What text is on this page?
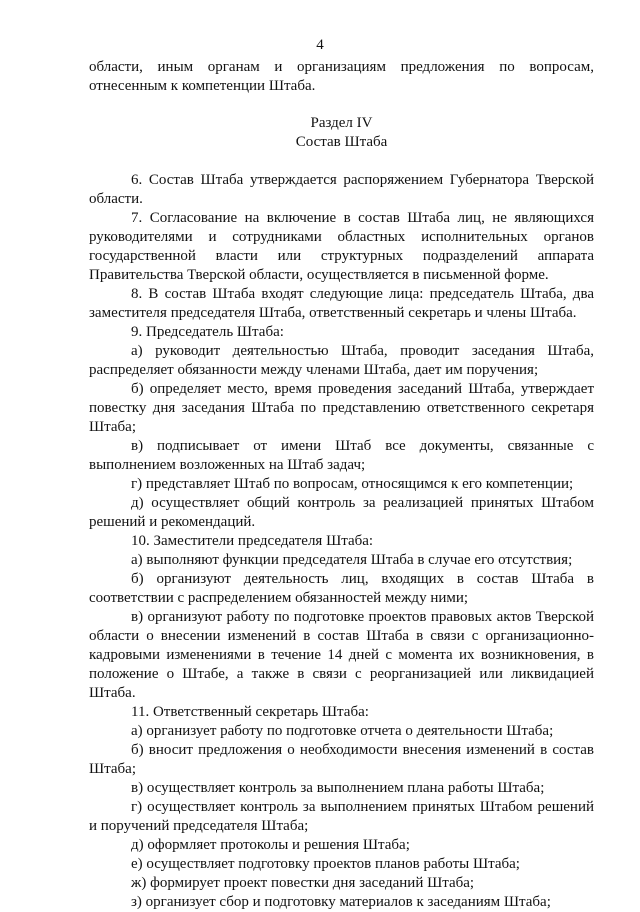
4

области, иным органам и организациям предложения по вопросам, отнесенным к компетенции Штаба.

Раздел IV
Состав Штаба

6. Состав Штаба утверждается распоряжением Губернатора Тверской области.

7. Согласование на включение в состав Штаба лиц, не являющихся руководителями и сотрудниками областных исполнительных органов государственной власти или структурных подразделений аппарата Правительства Тверской области, осуществляется в письменной форме.

8. В состав Штаба входят следующие лица: председатель Штаба, два заместителя председателя Штаба, ответственный секретарь и члены Штаба.

9. Председатель Штаба:

а) руководит деятельностью Штаба, проводит заседания Штаба, распределяет обязанности между членами Штаба, дает им поручения;

б) определяет место, время проведения заседаний Штаба, утверждает повестку дня заседания Штаба по представлению ответственного секретаря Штаба;

в) подписывает от имени Штаб все документы, связанные с выполнением возложенных на Штаб задач;

г) представляет Штаб по вопросам, относящимся к его компетенции;

д) осуществляет общий контроль за реализацией принятых Штабом решений и рекомендаций.

10. Заместители председателя Штаба:

а) выполняют функции председателя Штаба в случае его отсутствия;

б) организуют деятельность лиц, входящих в состав Штаба в соответствии с распределением обязанностей между ними;

в) организуют работу по подготовке проектов правовых актов Тверской области о внесении изменений в состав Штаба в связи с организационно-кадровыми изменениями в течение 14 дней с момента их возникновения, в положение о Штабе, а также в связи с реорганизацией или ликвидацией Штаба.

11. Ответственный секретарь Штаба:

а) организует работу по подготовке отчета о деятельности Штаба;

б) вносит предложения о необходимости внесения изменений в состав Штаба;

в) осуществляет контроль за выполнением плана работы Штаба;

г) осуществляет контроль за выполнением принятых Штабом решений и поручений председателя Штаба;

д) оформляет протоколы и решения Штаба;

е) осуществляет подготовку проектов планов работы Штаба;

ж) формирует проект повестки дня заседаний Штаба;

з) организует сбор и подготовку материалов к заседаниям Штаба;
